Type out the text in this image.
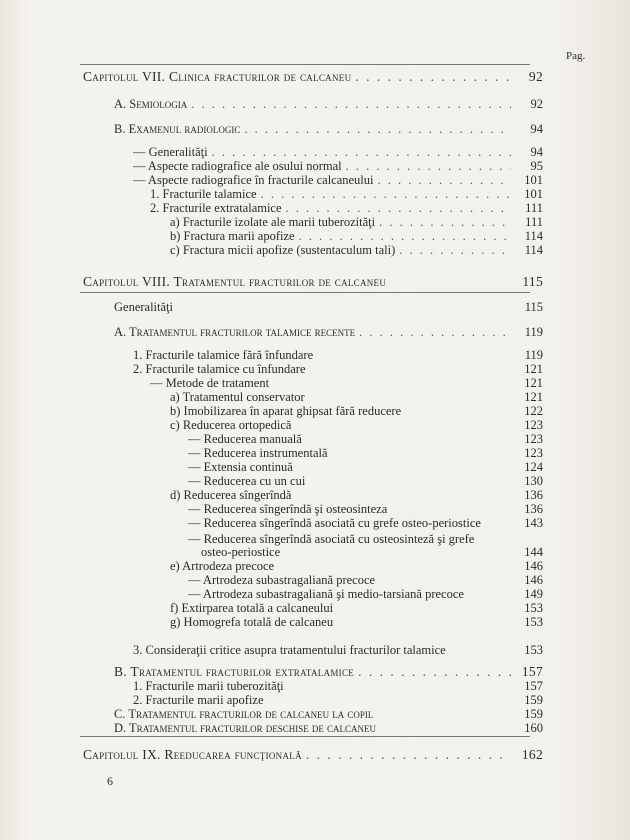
Pag.
Capitolul VII. Clinica fracturilor de calcaneu . . .	92
A. Semiologia . . .	92
B. Examenul radiologic . . .	94
— Generalităţi . . .	94
— Aspecte radiografice ale osului normal . . .	95
— Aspecte radiografice în fracturile calcaneului . . .	101
1. Fracturile talamice . . .	101
2. Fracturile extratalamice . . .	111
a) Fracturile izolate ale marii tuberozităţi . . .	111
b) Fractura marii apofize . . .	114
c) Fractura micii apofize (sustentaculum tali) . . .	114
Capitolul VIII. Tratamentul fracturilor de calcaneu	115
Generalităţi	115
A. Tratamentul fracturilor talamice recente . . .	119
1. Fracturile talamice fără înfundare	119
2. Fracturile talamice cu înfundare	121
— Metode de tratament	121
a) Tratamentul conservator	121
b) Imobilizarea în aparat ghipsat fără reducere	122
c) Reducerea ortopedică	123
— Reducerea manuală	123
— Reducerea instrumentală	123
— Extensia continuă	124
— Reducerea cu un cui	130
d) Reducerea sîngerîndă	136
— Reducerea sîngerîndă şi osteosinteza	136
— Reducerea sîngerîndă asociată cu grefe osteo-periostice	143
— Reducerea sîngerîndă asociată cu osteosinteză şi grefe
osteo-periostice	144
e) Artrodeza precoce	146
— Artrodeza subastragaliană precoce	146
— Artrodeza subastragaliană şi medio-tarsiană precoce	149
f) Extirparea totală a calcaneului	153
g) Homogrefa totală de calcaneu	153
3. Consideraţii critice asupra tratamentului fracturilor talamice	153
B. Tratamentul fracturilor extratalamice . . .	157
1. Fracturile marii tuberozităţi	157
2. Fracturile marii apofize	159
C. Tratamentul fracturilor de calcaneu la copil	159
D. Tratamentul fracturilor deschise de calcaneu	160
Capitolul IX. Reeducarea funcţională . . .	162
6
